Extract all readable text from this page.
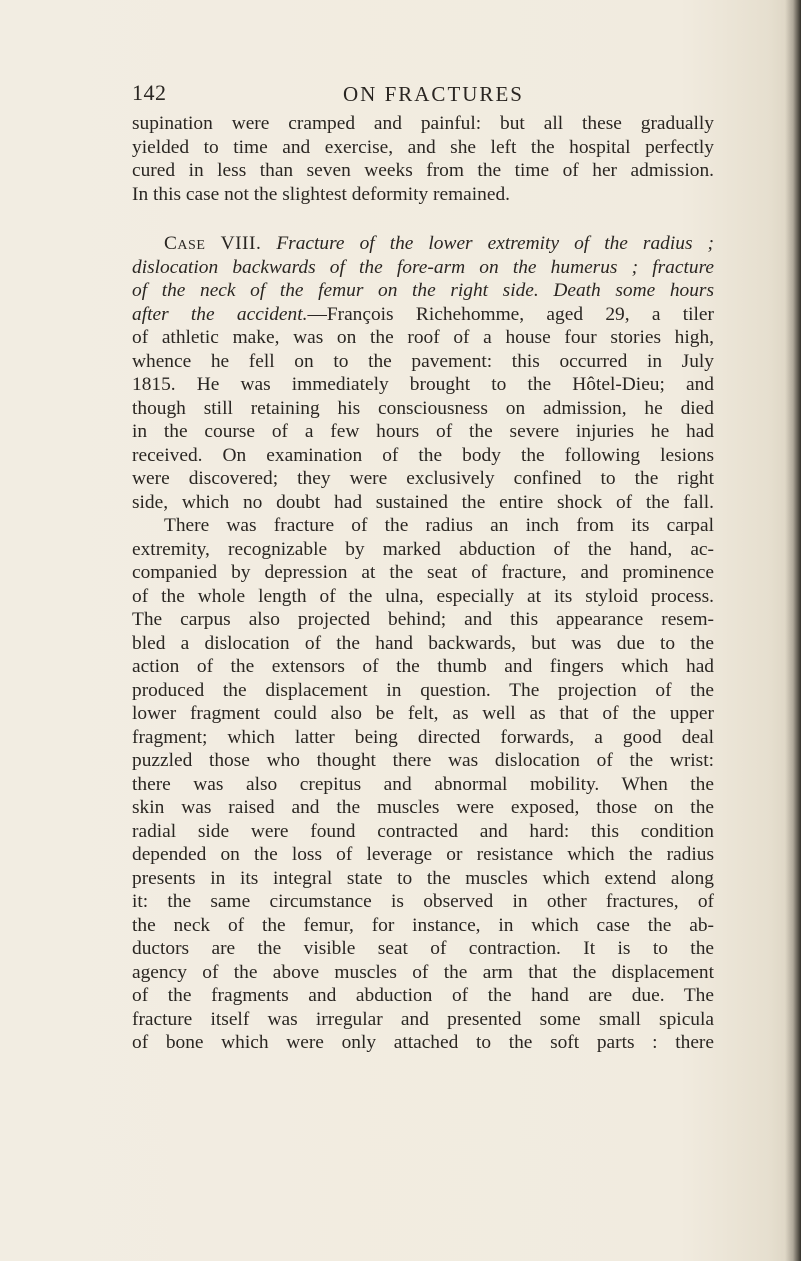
142	ON FRACTURES
supination were cramped and painful: but all these gradually
yielded to time and exercise, and she left the hospital perfectly
cured in less than seven weeks from the time of her admission.
In this case not the slightest deformity remained.
Case VIII. Fracture of the lower extremity of the radius ;
dislocation backwards of the fore-arm on the humerus ; fracture
of the neck of the femur on the right side. Death some hours
after the accident.—François Richehomme, aged 29, a tiler
of athletic make, was on the roof of a house four stories high,
whence he fell on to the pavement: this occurred in July
1815. He was immediately brought to the Hôtel-Dieu; and
though still retaining his consciousness on admission, he died
in the course of a few hours of the severe injuries he had
received. On examination of the body the following lesions
were discovered; they were exclusively confined to the right
side, which no doubt had sustained the entire shock of the fall.
There was fracture of the radius an inch from its carpal
extremity, recognizable by marked abduction of the hand, ac-
companied by depression at the seat of fracture, and prominence
of the whole length of the ulna, especially at its styloid process.
The carpus also projected behind; and this appearance resem-
bled a dislocation of the hand backwards, but was due to the
action of the extensors of the thumb and fingers which had
produced the displacement in question. The projection of the
lower fragment could also be felt, as well as that of the upper
fragment; which latter being directed forwards, a good deal
puzzled those who thought there was dislocation of the wrist:
there was also crepitus and abnormal mobility. When the
skin was raised and the muscles were exposed, those on the
radial side were found contracted and hard: this condition
depended on the loss of leverage or resistance which the radius
presents in its integral state to the muscles which extend along
it: the same circumstance is observed in other fractures, of
the neck of the femur, for instance, in which case the ab-
ductors are the visible seat of contraction. It is to the
agency of the above muscles of the arm that the displacement
of the fragments and abduction of the hand are due. The
fracture itself was irregular and presented some small spicula
of bone which were only attached to the soft parts : there
